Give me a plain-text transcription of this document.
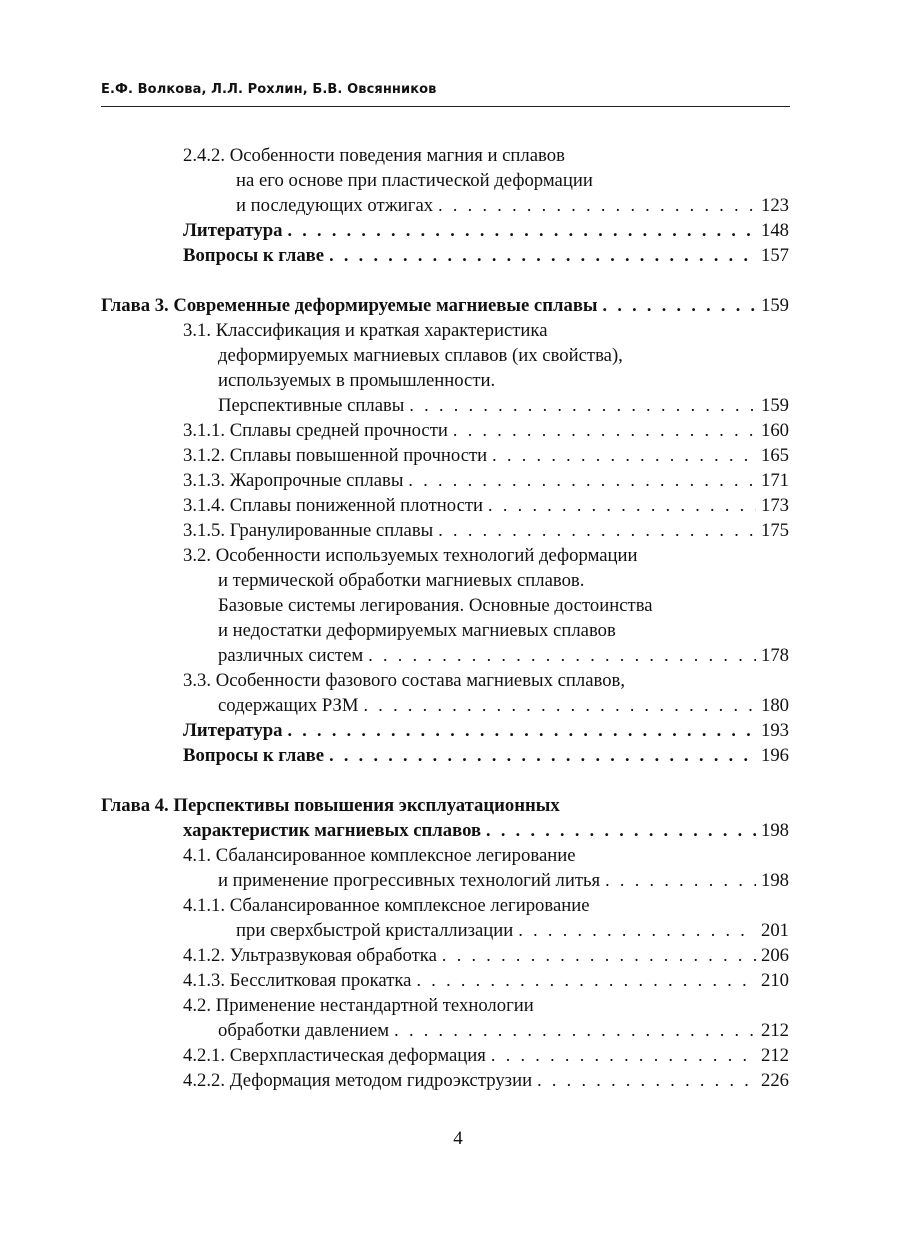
Е.Ф. Волкова, Л.Л. Рохлин, Б.В. Овсянников
2.4.2. Особенности поведения магния и сплавов
на его основе при пластической деформации
и последующих отжигах . . .	123
Литература . . .	148
Вопросы к главе . . .	157
Глава 3. Современные деформируемые магниевые сплавы . . .	159
3.1. Классификация и краткая характеристика
деформируемых магниевых сплавов (их свойства),
используемых в промышленности.
Перспективные сплавы . . .	159
3.1.1. Сплавы средней прочности . . .	160
3.1.2. Сплавы повышенной прочности . . .	165
3.1.3. Жаропрочные сплавы . . .	171
3.1.4. Сплавы пониженной плотности . . .	173
3.1.5. Гранулированные сплавы . . .	175
3.2. Особенности используемых технологий деформации
и термической обработки магниевых сплавов.
Базовые системы легирования. Основные достоинства
и недостатки деформируемых магниевых сплавов
различных систем . . .	178
3.3. Особенности фазового состава магниевых сплавов,
содержащих РЗМ . . .	180
Литература . . .	193
Вопросы к главе . . .	196
Глава 4. Перспективы повышения эксплуатационных
характеристик магниевых сплавов . . .	198
4.1. Сбалансированное комплексное легирование
и применение прогрессивных технологий литья . . .	198
4.1.1. Сбалансированное комплексное легирование
при сверхбыстрой кристаллизации . . .	201
4.1.2. Ультразвуковая обработка . . .	206
4.1.3. Бесслитковая прокатка . . .	210
4.2. Применение нестандартной технологии
обработки давлением . . .	212
4.2.1. Сверхпластическая деформация . . .	212
4.2.2. Деформация методом гидроэкструзии . . .	226
4
